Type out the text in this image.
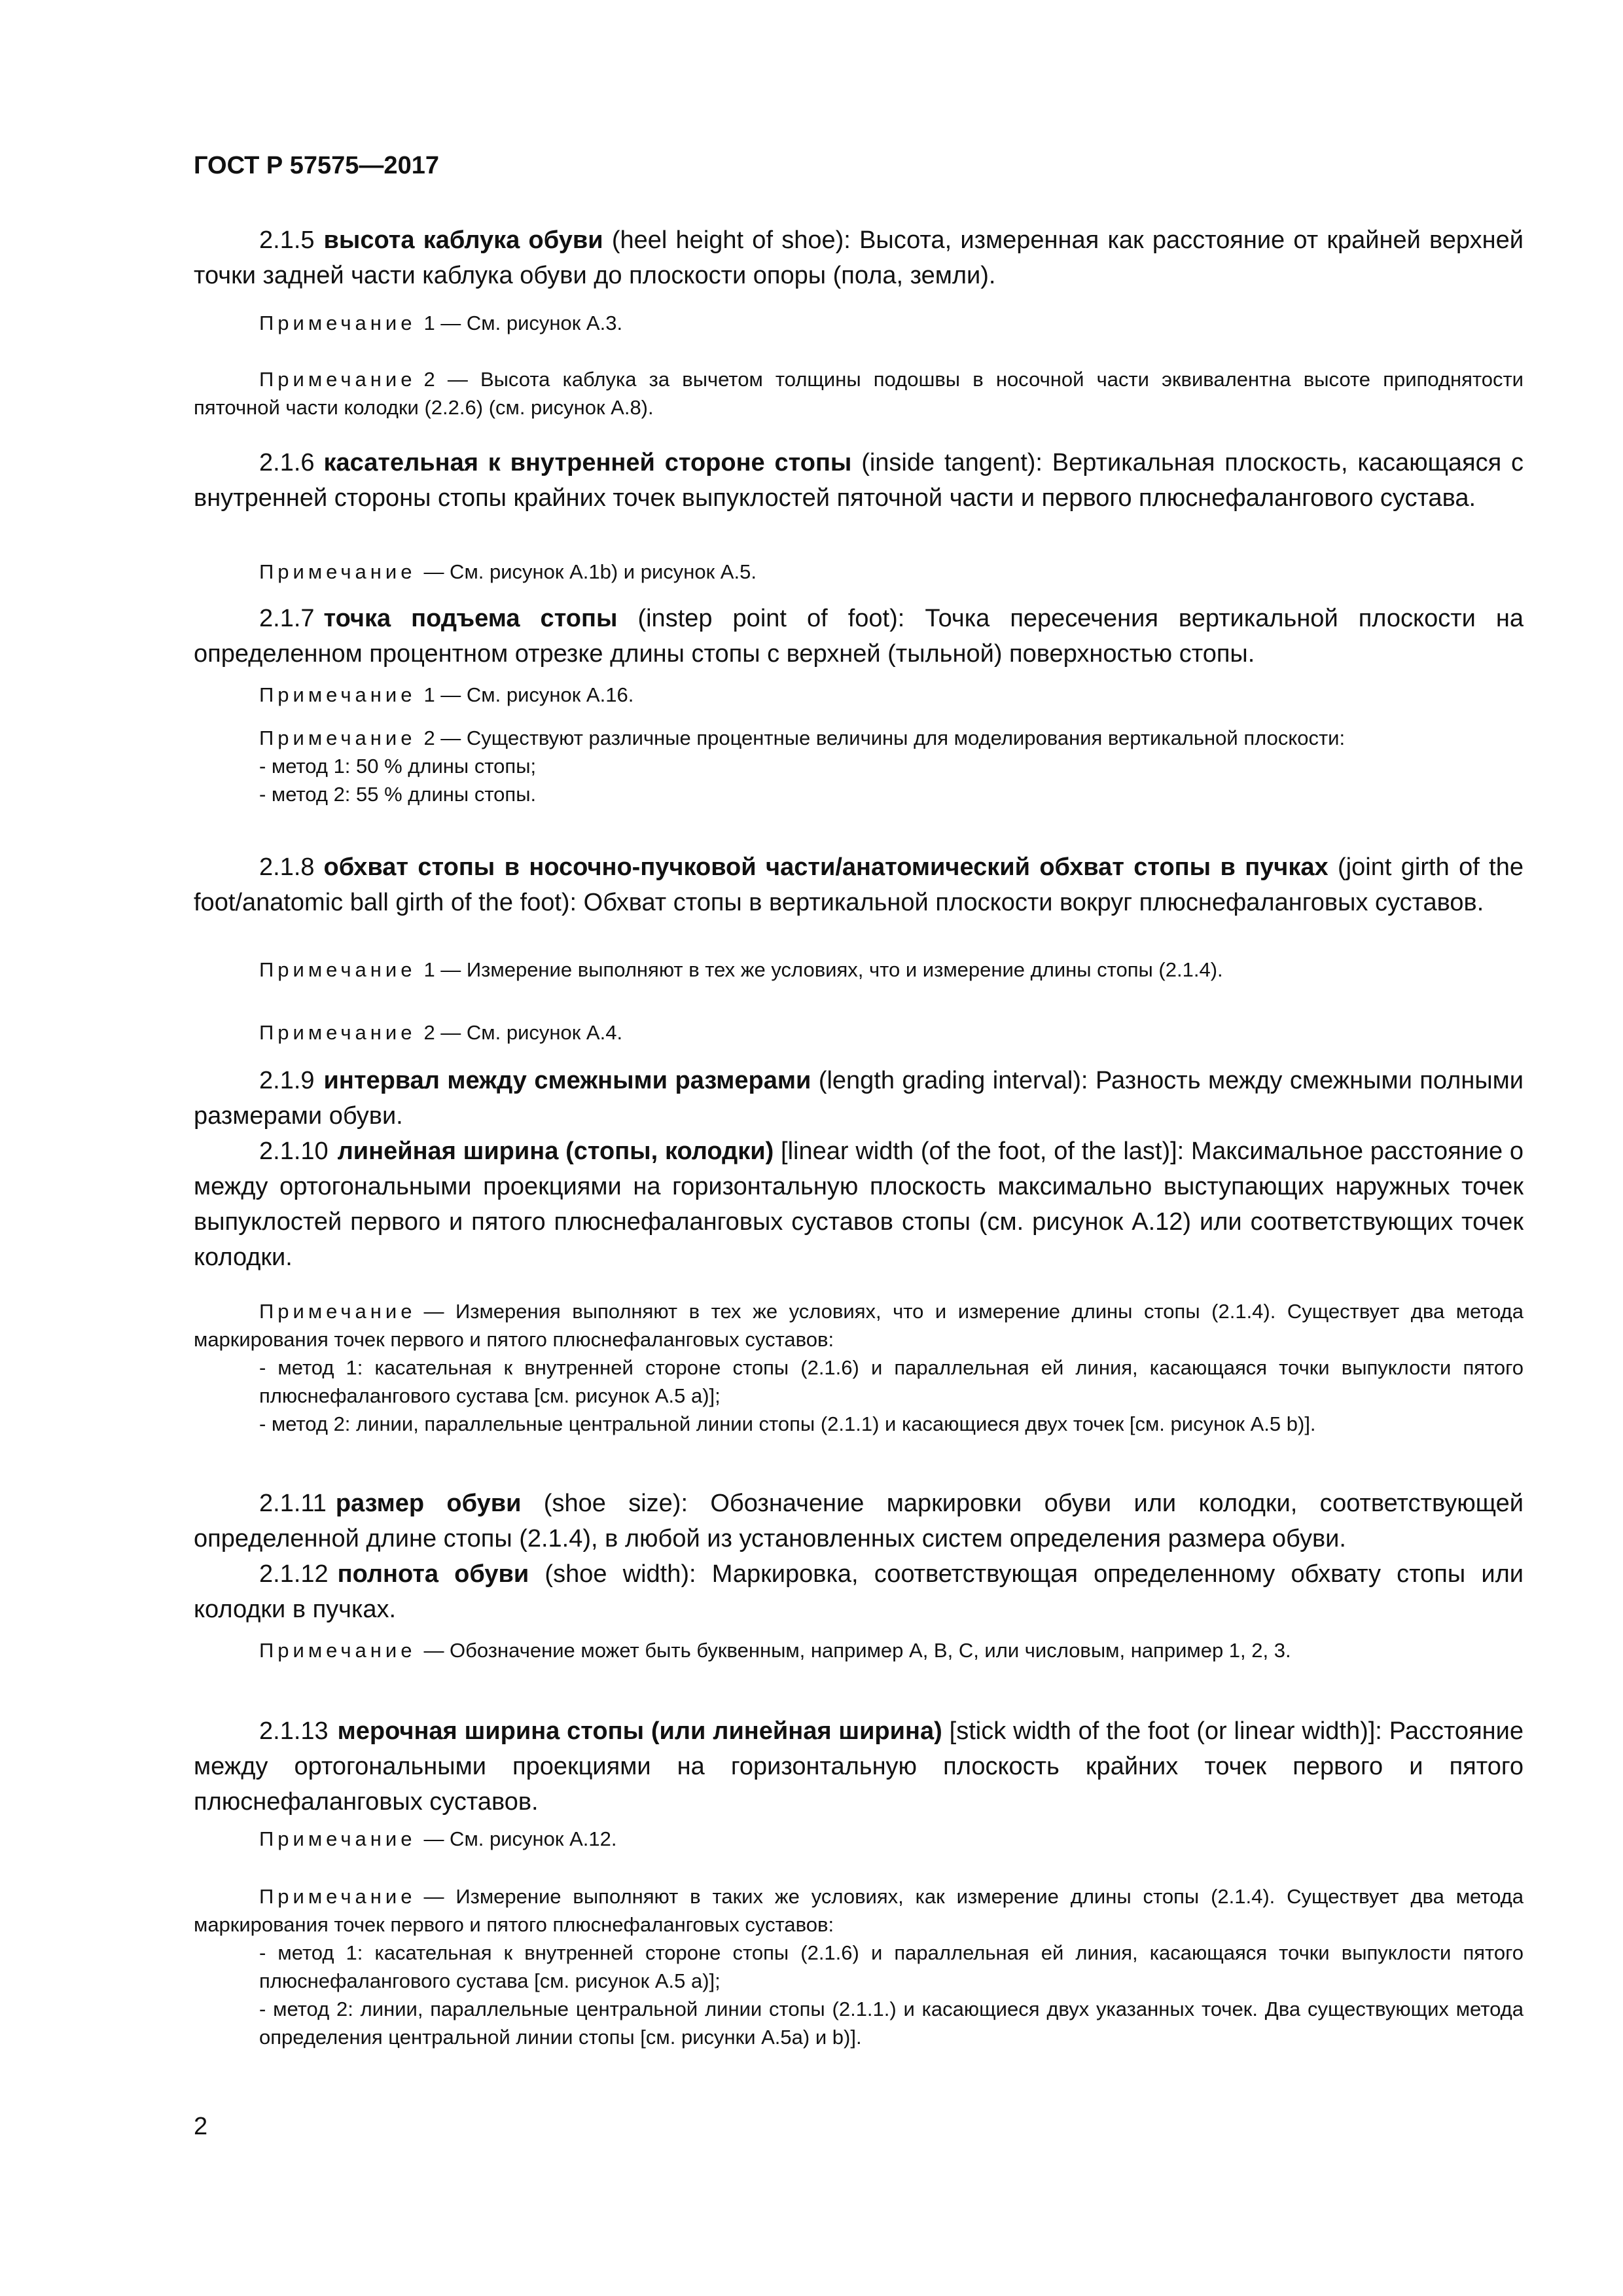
ГОСТ Р 57575—2017
2.1.5 высота каблука обуви (heel height of shoe): Высота, измеренная как расстояние от крайней верхней точки задней части каблука обуви до плоскости опоры (пола, земли).
Примечание 1 — См. рисунок А.3.
Примечание 2 — Высота каблука за вычетом толщины подошвы в носочной части эквивалентна высоте приподнятости пяточной части колодки (2.2.6) (см. рисунок А.8).
2.1.6 касательная к внутренней стороне стопы (inside tangent): Вертикальная плоскость, касающаяся с внутренней стороны стопы крайних точек выпуклостей пяточной части и первого плюснефалангового сустава.
Примечание — См. рисунок А.1b) и рисунок А.5.
2.1.7 точка подъема стопы (instep point of foot): Точка пересечения вертикальной плоскости на определенном процентном отрезке длины стопы с верхней (тыльной) поверхностью стопы.
Примечание 1 — См. рисунок А.16.
Примечание 2 — Существуют различные процентные величины для моделирования вертикальной плоскости:
- метод 1: 50 % длины стопы;
- метод 2: 55 % длины стопы.
2.1.8 обхват стопы в носочно-пучковой части/анатомический обхват стопы в пучках (joint girth of the foot/anatomic ball girth of the foot): Обхват стопы в вертикальной плоскости вокруг плюснефаланговых суставов.
Примечание 1 — Измерение выполняют в тех же условиях, что и измерение длины стопы (2.1.4).
Примечание 2 — См. рисунок А.4.
2.1.9 интервал между смежными размерами (length grading interval): Разность между смежными полными размерами обуви.
2.1.10 линейная ширина (стопы, колодки) [linear width (of the foot, of the last)]: Максимальное расстояние о между ортогональными проекциями на горизонтальную плоскость максимально выступающих наружных точек выпуклостей первого и пятого плюснефаланговых суставов стопы (см. рисунок А.12) или соответствующих точек колодки.
Примечание — Измерения выполняют в тех же условиях, что и измерение длины стопы (2.1.4). Существует два метода маркирования точек первого и пятого плюснефаланговых суставов:
- метод 1: касательная к внутренней стороне стопы (2.1.6) и параллельная ей линия, касающаяся точки выпуклости пятого плюснефалангового сустава [см. рисунок А.5 а)];
- метод 2: линии, параллельные центральной линии стопы (2.1.1) и касающиеся двух точек [см. рисунок А.5 b)].
2.1.11 размер обуви (shoe size): Обозначение маркировки обуви или колодки, соответствующей определенной длине стопы (2.1.4), в любой из установленных систем определения размера обуви.
2.1.12 полнота обуви (shoe width): Маркировка, соответствующая определенному обхвату стопы или колодки в пучках.
Примечание — Обозначение может быть буквенным, например А, В, С, или числовым, например 1, 2, 3.
2.1.13 мерочная ширина стопы (или линейная ширина) [stick width of the foot (or linear width)]: Расстояние между ортогональными проекциями на горизонтальную плоскость крайних точек первого и пятого плюснефаланговых суставов.
Примечание — См. рисунок А.12.
Примечание — Измерение выполняют в таких же условиях, как измерение длины стопы (2.1.4). Существует два метода маркирования точек первого и пятого плюснефаланговых суставов:
- метод 1: касательная к внутренней стороне стопы (2.1.6) и параллельная ей линия, касающаяся точки выпуклости пятого плюснефалангового сустава [см. рисунок А.5 а)];
- метод 2: линии, параллельные центральной линии стопы (2.1.1.) и касающиеся двух указанных точек. Два существующих метода определения центральной линии стопы [см. рисунки А.5а) и b)].
2
